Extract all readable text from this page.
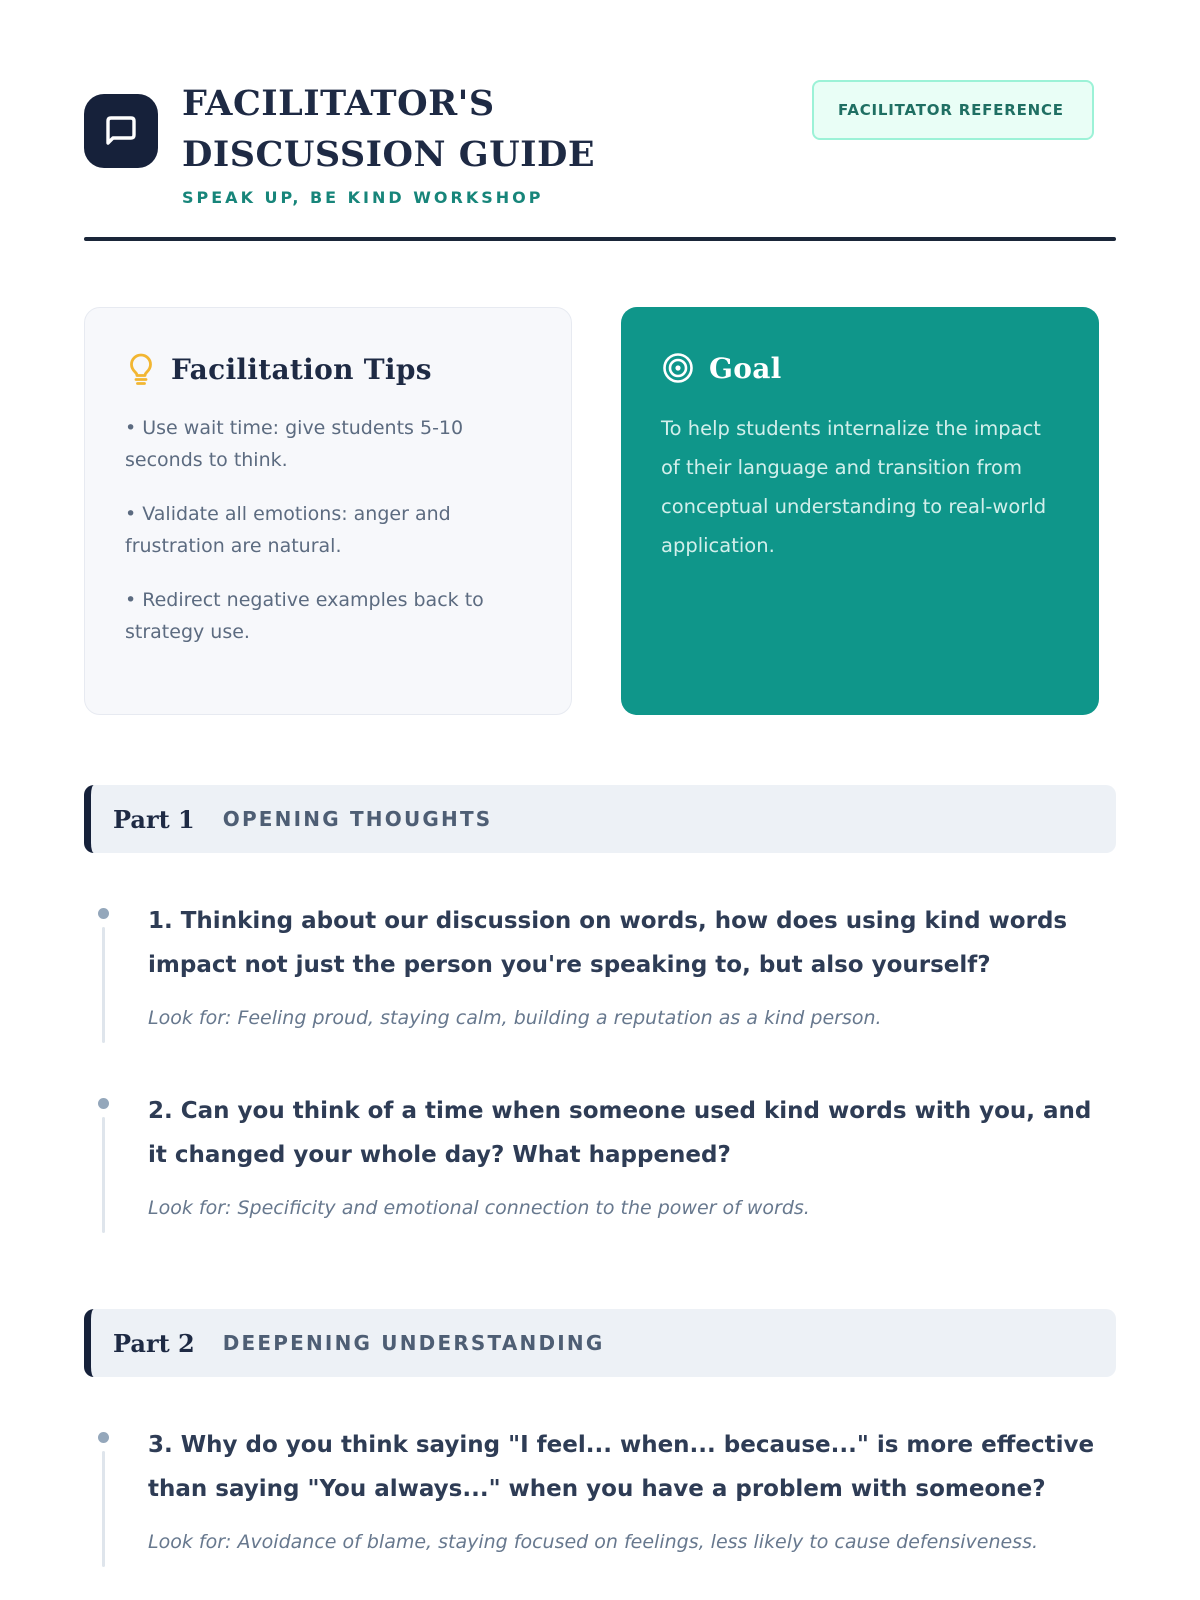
FACILITATOR'S DISCUSSION GUIDE
SPEAK UP, BE KIND WORKSHOP
FACILITATOR REFERENCE
Facilitation Tips
• Use wait time: give students 5-10 seconds to think.
• Validate all emotions: anger and frustration are natural.
• Redirect negative examples back to strategy use.
Goal
To help students internalize the impact of their language and transition from conceptual understanding to real-world application.
Part 1 OPENING THOUGHTS
1. Thinking about our discussion on words, how does using kind words impact not just the person you're speaking to, but also yourself?
Look for: Feeling proud, staying calm, building a reputation as a kind person.
2. Can you think of a time when someone used kind words with you, and it changed your whole day? What happened?
Look for: Specificity and emotional connection to the power of words.
Part 2 DEEPENING UNDERSTANDING
3. Why do you think saying "I feel... when... because..." is more effective than saying "You always..." when you have a problem with someone?
Look for: Avoidance of blame, staying focused on feelings, less likely to cause defensiveness.
